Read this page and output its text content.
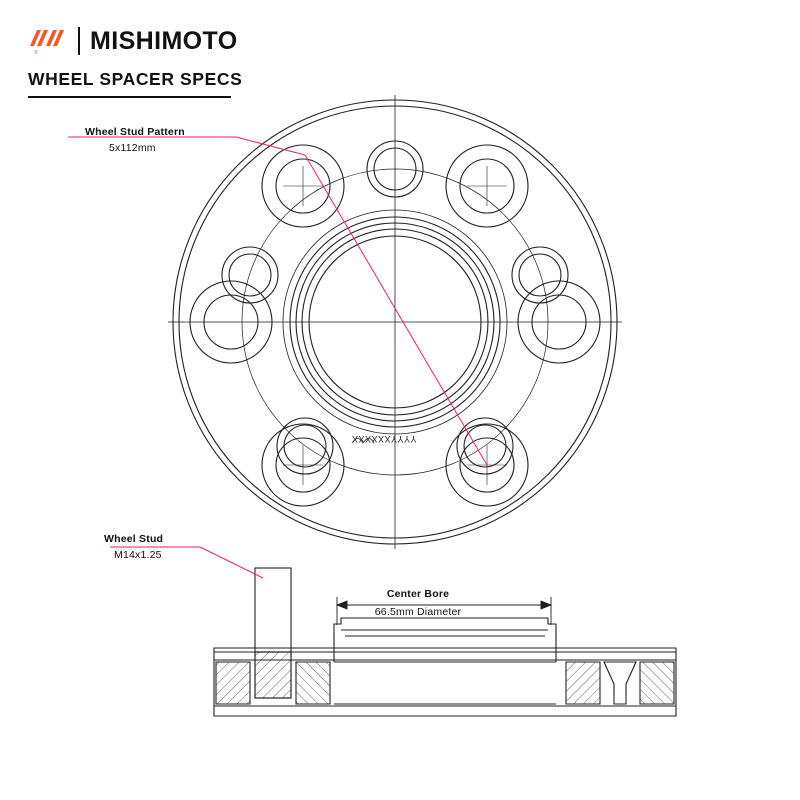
® MISHIMOTO
WHEEL SPACER SPECS
Wheel Stud Pattern
5x112mm
Wheel Stud
M14x1.25
Center Bore
66.5mm Diameter
XXXXXXYYYY
